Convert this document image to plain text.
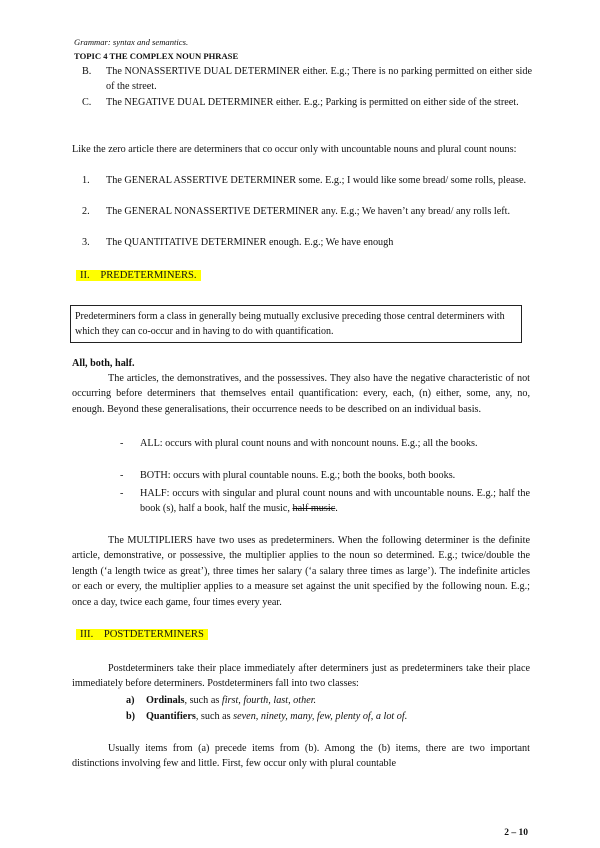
Grammar: syntax and semantics.
TOPIC 4 THE COMPLEX NOUN PHRASE
B.	The NONASSERTIVE DUAL DETERMINER either. E.g.; There is no parking permitted on either side of the street.
C.	The NEGATIVE DUAL DETERMINER either. E.g.; Parking is permitted on either side of the street.
Like the zero article there are determiners that co occur only with uncountable nouns and plural count nouns:
1.	The GENERAL ASSERTIVE DETERMINER some. E.g.; I would like some bread/ some rolls, please.
2.	The GENERAL NONASSERTIVE DETERMINER any. E.g.; We haven’t any bread/ any rolls left.
3.	The QUANTITATIVE DETERMINER enough. E.g.; We have enough
II. PREDETERMINERS.
Predeterminers form a class in generally being mutually exclusive preceding those central determiners with which they can co-occur and in having to do with quantification.
All, both, half.
The articles, the demonstratives, and the possessives. They also have the negative characteristic of not occurring before determiners that themselves entail quantification: every, each, (n) either, some, any, no, enough. Beyond these generalisations, their occurrence needs to be described on an individual basis.
-	ALL: occurs with plural count nouns and with noncount nouns. E.g.; all the books.
-	BOTH: occurs with plural countable nouns. E.g.; both the books, both books.
-	HALF: occurs with singular and plural count nouns and with uncountable nouns. E.g.; half the book (s), half a book, half the music, half music.
The MULTIPLIERS have two uses as predeterminers. When the following determiner is the definite article, demonstrative, or possessive, the multiplier applies to the noun so determined. E.g.; twice/double the length (‘a length twice as great’), three times her salary (‘a salary three times as large’). The indefinite articles or each or every, the multiplier applies to a measure set against the unit specified by the following noun. E.g.; once a day, twice each game, four times every year.
III. POSTDETERMINERS
Postdeterminers take their place immediately after determiners just as predeterminers take their place immediately before determiners. Postdeterminers fall into two classes:
a) Ordinals, such as first, fourth, last, other.
b) Quantifiers, such as seven, ninety, many, few, plenty of, a lot of.
Usually items from (a) precede items from (b). Among the (b) items, there are two important distinctions involving few and little. First, few occur only with plural countable
2 – 10
